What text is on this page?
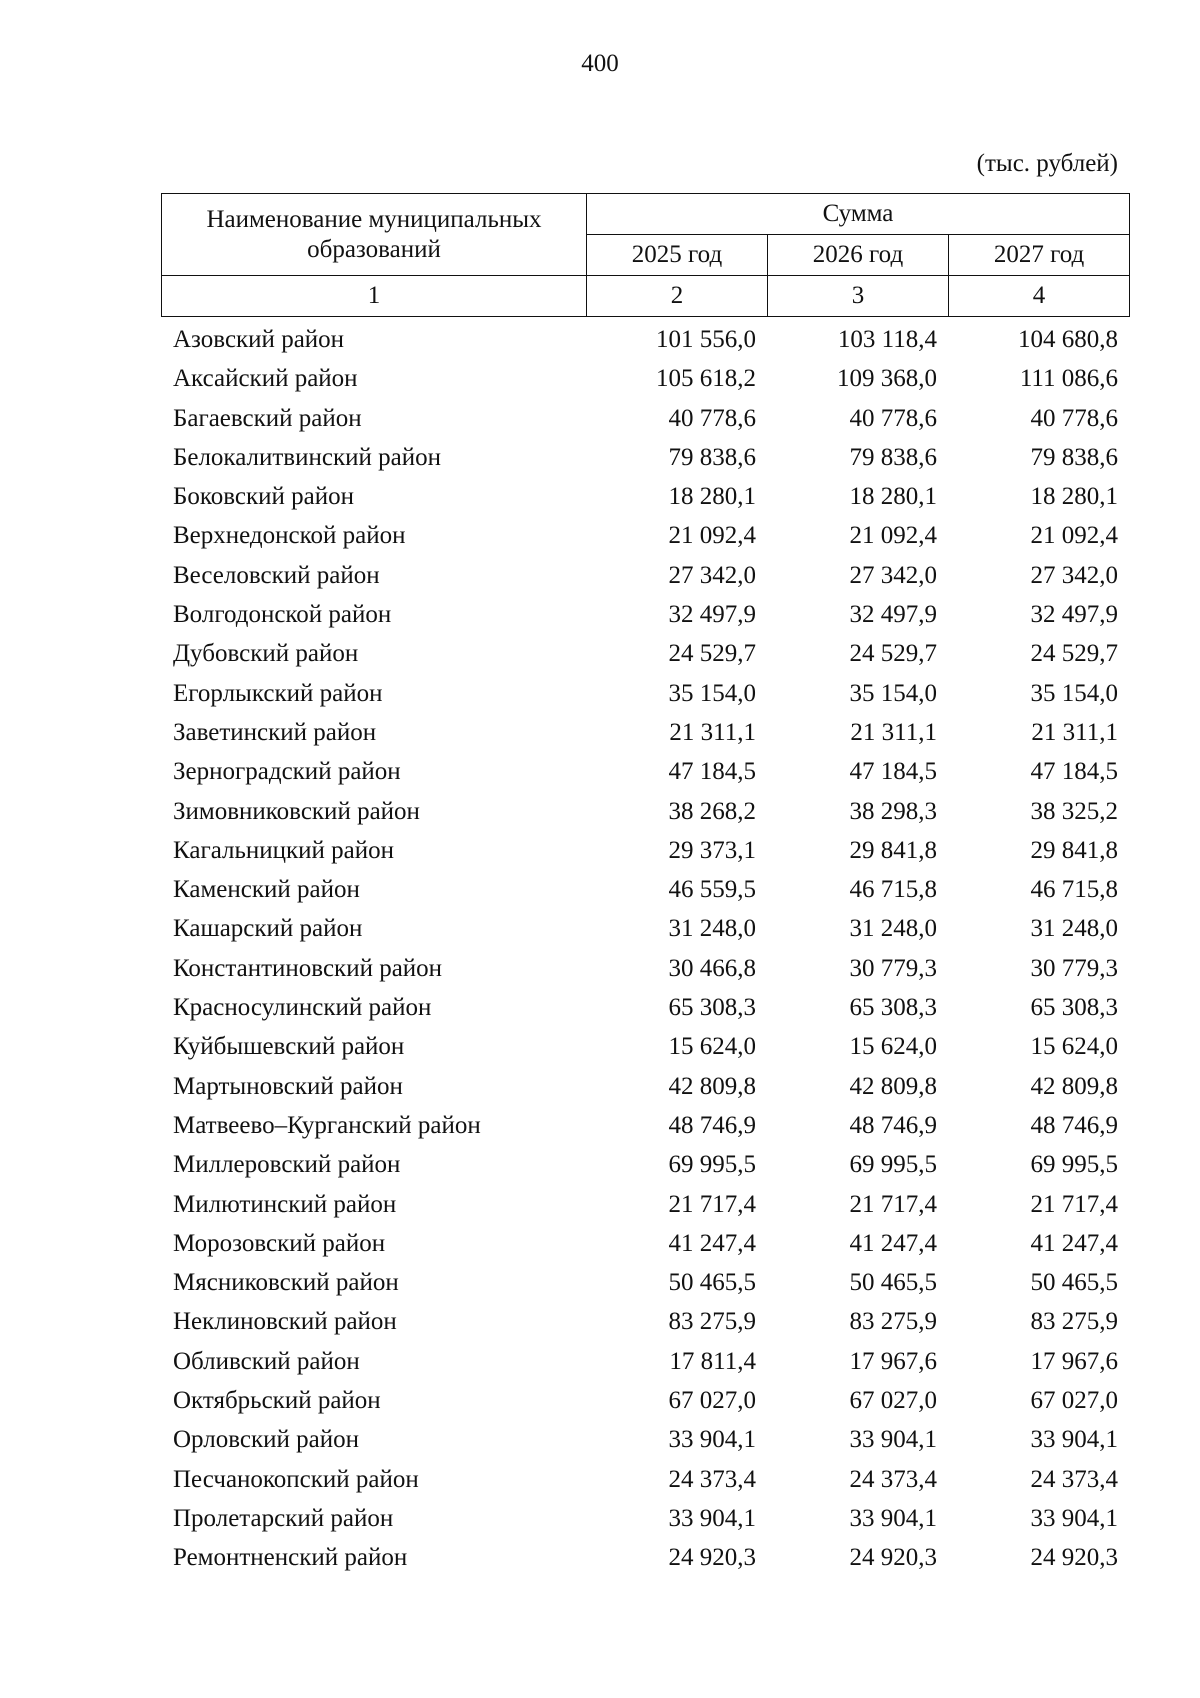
400
(тыс. рублей)
Наименование муниципальных образований	Сумма		
	2025 год	2026 год	2027 год
1	2	3	4
Азовский район	101 556,0	103 118,4	104 680,8
Аксайский район	105 618,2	109 368,0	111 086,6
Багаевский район	40 778,6	40 778,6	40 778,6
Белокалитвинский район	79 838,6	79 838,6	79 838,6
Боковский район	18 280,1	18 280,1	18 280,1
Верхнедонской район	21 092,4	21 092,4	21 092,4
Веселовский район	27 342,0	27 342,0	27 342,0
Волгодонской район	32 497,9	32 497,9	32 497,9
Дубовский район	24 529,7	24 529,7	24 529,7
Егорлыкский район	35 154,0	35 154,0	35 154,0
Заветинский район	21 311,1	21 311,1	21 311,1
Зерноградский район	47 184,5	47 184,5	47 184,5
Зимовниковский район	38 268,2	38 298,3	38 325,2
Кагальницкий район	29 373,1	29 841,8	29 841,8
Каменский район	46 559,5	46 715,8	46 715,8
Кашарский район	31 248,0	31 248,0	31 248,0
Константиновский район	30 466,8	30 779,3	30 779,3
Красносулинский район	65 308,3	65 308,3	65 308,3
Куйбышевский район	15 624,0	15 624,0	15 624,0
Мартыновский район	42 809,8	42 809,8	42 809,8
Матвеево–Курганский район	48 746,9	48 746,9	48 746,9
Миллеровский район	69 995,5	69 995,5	69 995,5
Милютинский район	21 717,4	21 717,4	21 717,4
Морозовский район	41 247,4	41 247,4	41 247,4
Мясниковский район	50 465,5	50 465,5	50 465,5
Неклиновский район	83 275,9	83 275,9	83 275,9
Обливский район	17 811,4	17 967,6	17 967,6
Октябрьский район	67 027,0	67 027,0	67 027,0
Орловский район	33 904,1	33 904,1	33 904,1
Песчанокопский район	24 373,4	24 373,4	24 373,4
Пролетарский район	33 904,1	33 904,1	33 904,1
Ремонтненский район	24 920,3	24 920,3	24 920,3
